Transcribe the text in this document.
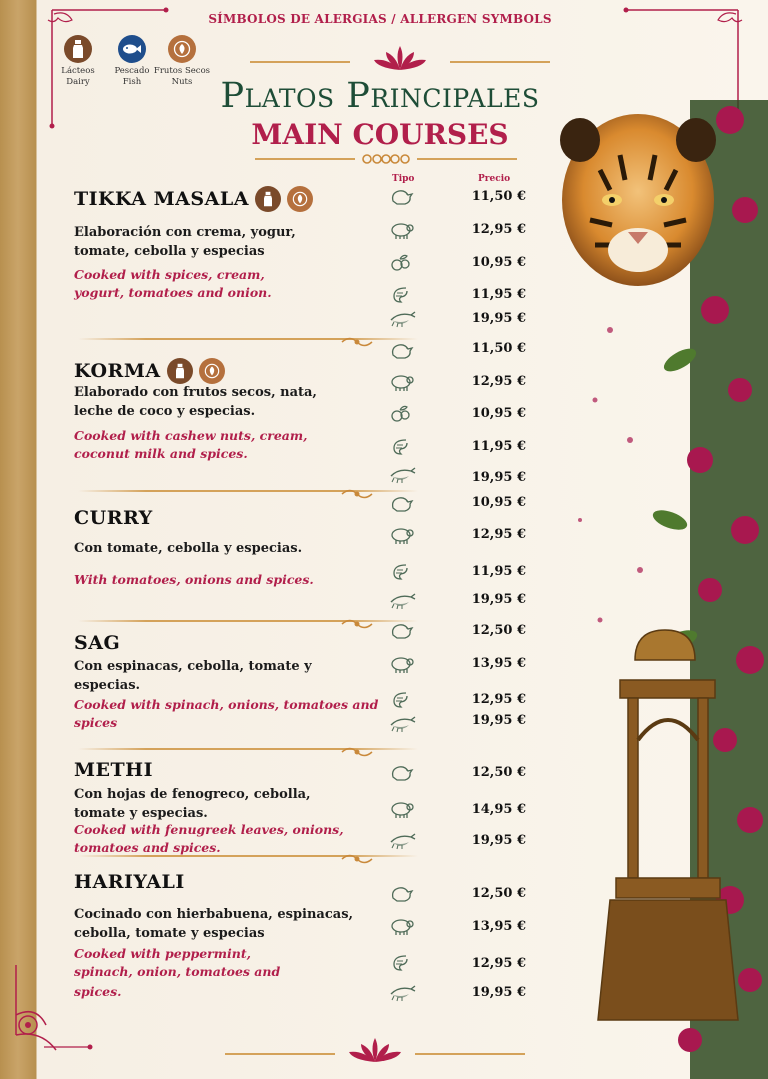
SÍMBOLOS DE ALERGIAS / ALLERGEN SYMBOLS
Lácteos
Dairy
Pescado
Fish
Frutos Secos
Nuts Platos Principales
MAIN COURSES
Tipo	Precio
TIKKA MASALA
Elaboración con crema, yogur,
tomate, cebolla y especias
Cooked with spices, cream,
yogurt, tomatoes and onion.
11,50 €
12,95 €
10,95 €
11,95 €
19,95 €
KORMA
Elaborado con frutos secos, nata,
leche de coco y especias.
Cooked with cashew nuts, cream,
coconut milk and spices.
11,50 €
12,95 €
10,95 €
11,95 €
19,95 €
CURRY
Con tomate, cebolla y especias.
With tomatoes, onions and spices.
10,95 €
12,95 €
11,95 €
19,95 €
SAG
Con espinacas, cebolla, tomate y
especias.
Cooked with spinach, onions, tomatoes and
spices
12,50 €
13,95 €
12,95 €
19,95 €
METHI
Con hojas de fenogreco, cebolla,
tomate y especias.
Cooked with fenugreek leaves, onions,
tomatoes and spices.
12,50 €
14,95 €
19,95 €
HARIYALI
Cocinado con hierbabuena, espinacas,
cebolla, tomate y especias
Cooked with peppermint,
spinach, onion, tomatoes and
spices.
12,50 €
13,95 €
12,95 €
19,95 €
